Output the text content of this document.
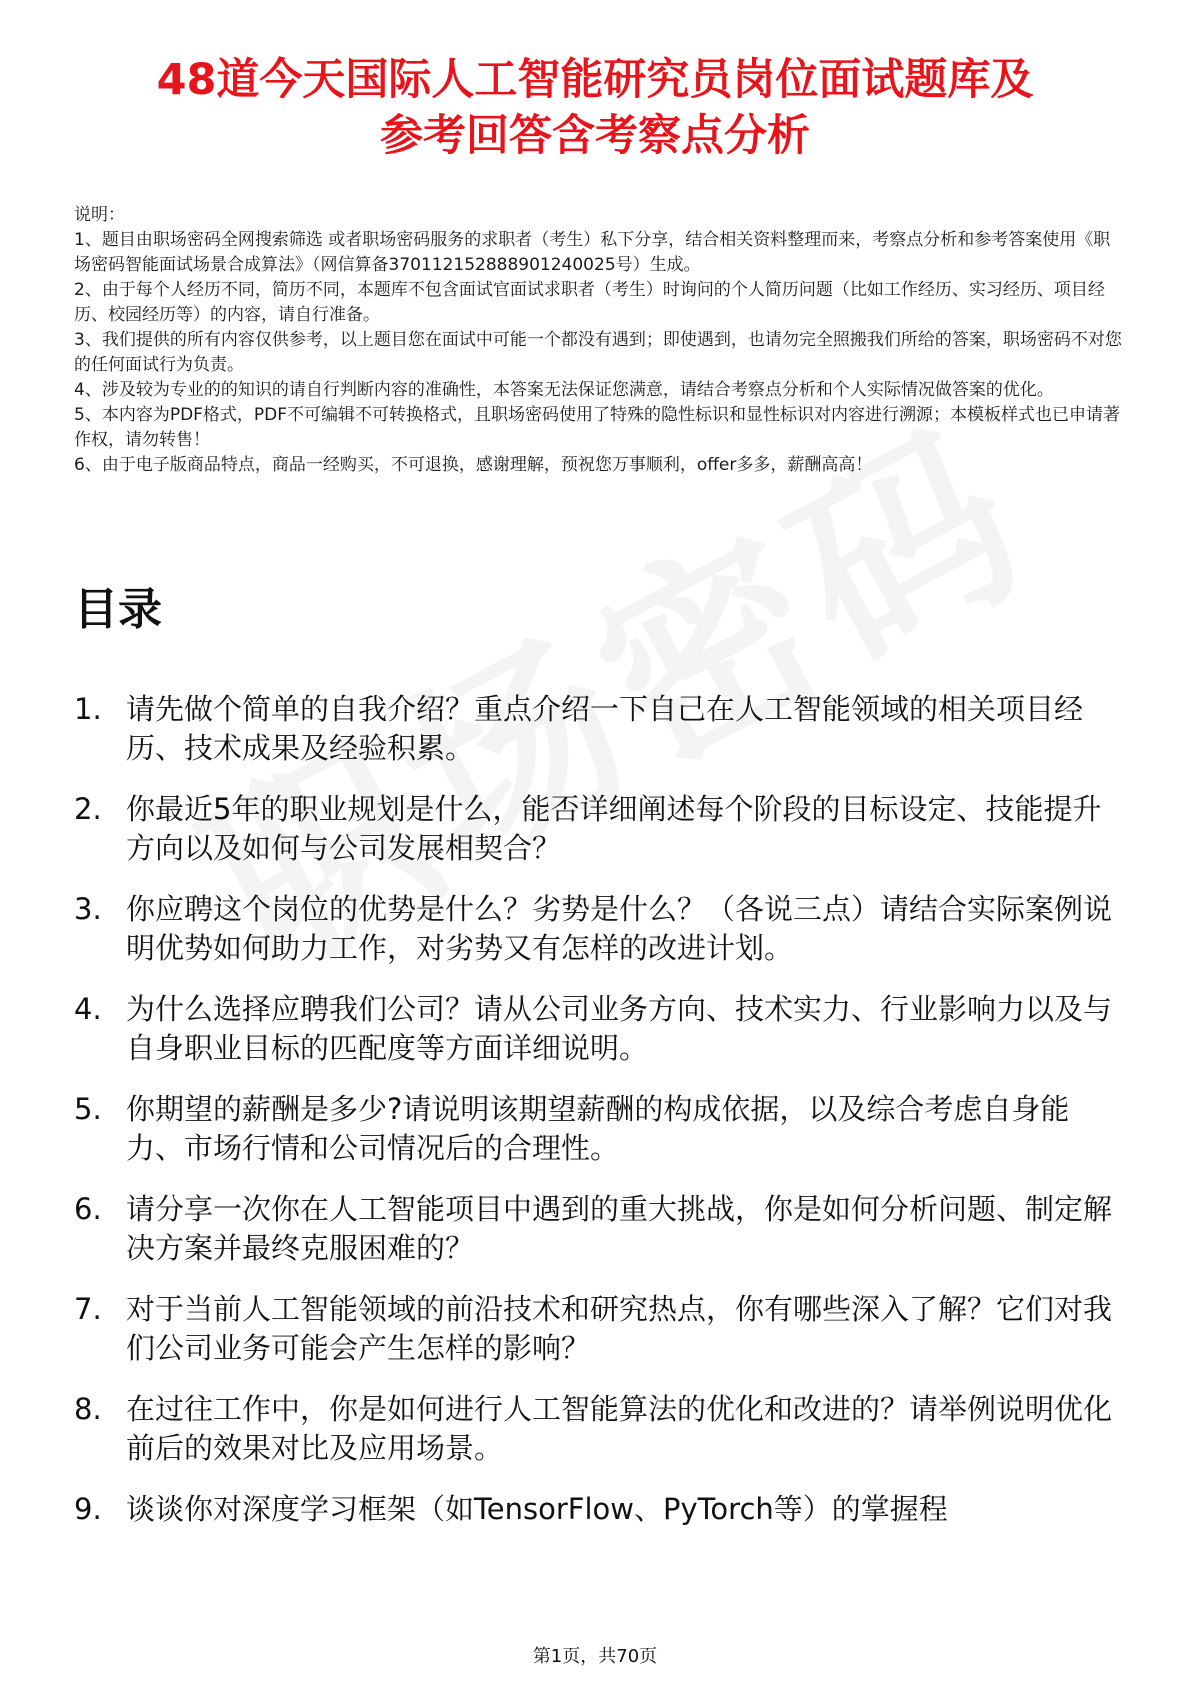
48道今天国际人工智能研究员岗位面试题库及
参考回答含考察点分析

说明：

1、题目由职场密码全网搜索筛选 或者职场密码服务的求职者（考生）私下分享，结合相关资料整理而来，考察点分析和参考答案使用《职场密码智能面试场景合成算法》（网信算备370112152888901240025号）生成。

2、由于每个人经历不同，简历不同，本题库不包含面试官面试求职者（考生）时询问的个人简历问题（比如工作经历、实习经历、项目经历、校园经历等）的内容，请自行准备。

3、我们提供的所有内容仅供参考，以上题目您在面试中可能一个都没有遇到；即使遇到，也请勿完全照搬我们所给的答案，职场密码不对您的任何面试行为负责。

4、涉及较为专业的的知识的请自行判断内容的准确性，本答案无法保证您满意，请结合考察点分析和个人实际情况做答案的优化。

5、本内容为PDF格式，PDF不可编辑不可转换格式，且职场密码使用了特殊的隐性标识和显性标识对内容进行溯源；本模板样式也已申请著作权，请勿转售！

6、由于电子版商品特点，商品一经购买，不可退换，感谢理解，预祝您万事顺利，offer多多，薪酬高高！

目录
1. 请先做个简单的自我介绍？重点介绍一下自己在人工智能领域的相关项目经历、技术成果及经验积累。
2. 你最近5年的职业规划是什么，能否详细阐述每个阶段的目标设定、技能提升方向以及如何与公司发展相契合？
3. 你应聘这个岗位的优势是什么？劣势是什么？（各说三点）请结合实际案例说明优势如何助力工作，对劣势又有怎样的改进计划。
4. 为什么选择应聘我们公司？请从公司业务方向、技术实力、行业影响力以及与自身职业目标的匹配度等方面详细说明。
5. 你期望的薪酬是多少?请说明该期望薪酬的构成依据，以及综合考虑自身能力、市场行情和公司情况后的合理性。
6. 请分享一次你在人工智能项目中遇到的重大挑战，你是如何分析问题、制定解决方案并最终克服困难的？
7. 对于当前人工智能领域的前沿技术和研究热点，你有哪些深入了解？它们对我们公司业务可能会产生怎样的影响？
8. 在过往工作中，你是如何进行人工智能算法的优化和改进的？请举例说明优化前后的效果对比及应用场景。
9. 谈谈你对深度学习框架（如TensorFlow、PyTorch等）的掌握程
第1页，共70页
